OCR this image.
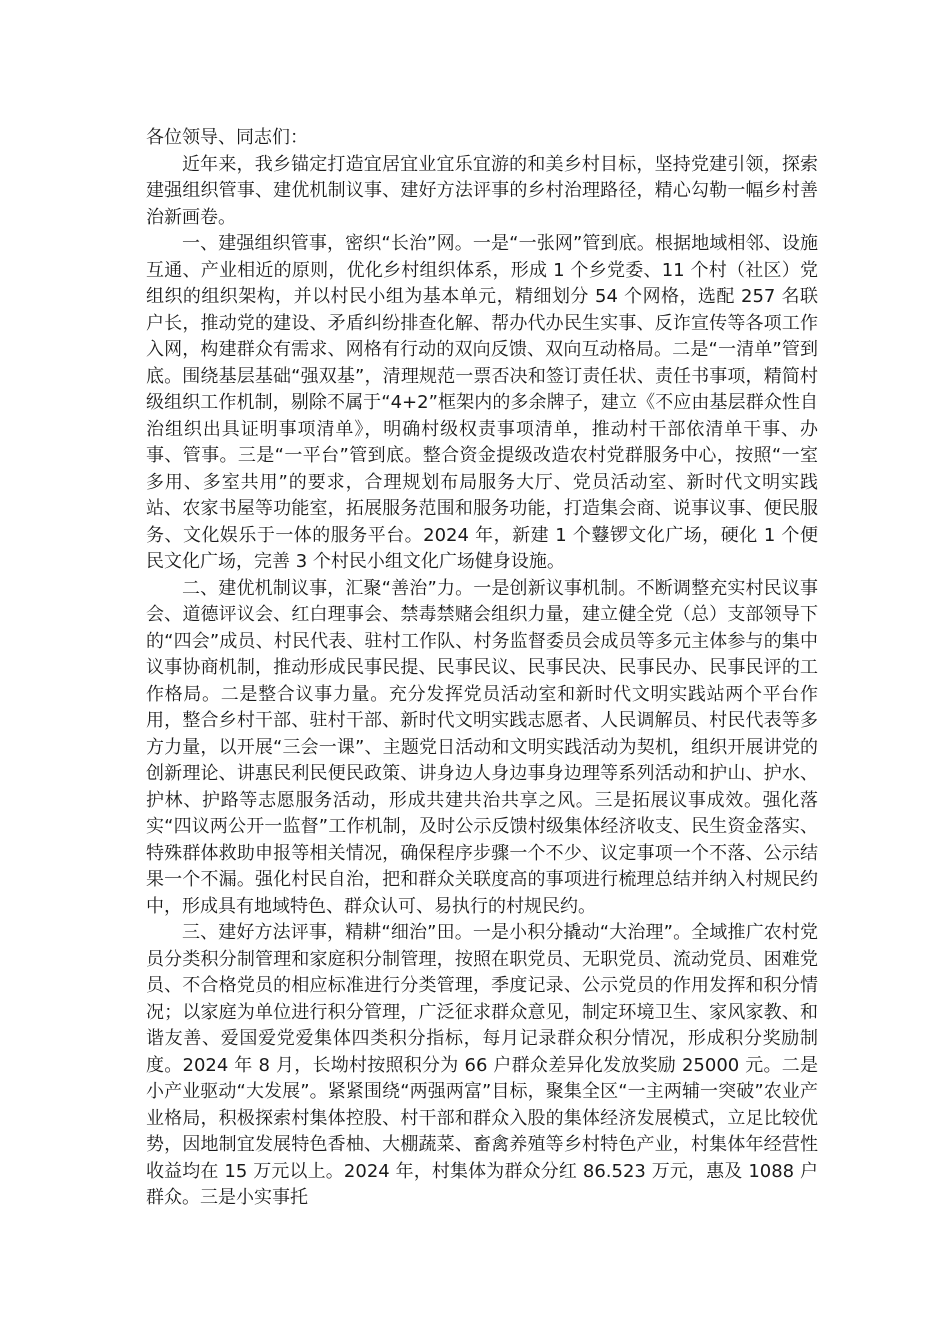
各位领导、同志们：

近年来，我乡锚定打造宜居宜业宜乐宜游的和美乡村目标，坚持党建引领，探索建强组织管事、建优机制议事、建好方法评事的乡村治理路径，精心勾勒一幅乡村善治新画卷。

一、建强组织管事，密织“长治”网。一是“一张网”管到底。根据地域相邻、设施互通、产业相近的原则，优化乡村组织体系，形成 1 个乡党委、11 个村（社区）党组织的组织架构，并以村民小组为基本单元，精细划分 54 个网格，选配 257 名联户长，推动党的建设、矛盾纠纷排查化解、帮办代办民生实事、反诈宣传等各项工作入网，构建群众有需求、网格有行动的双向反馈、双向互动格局。二是“一清单”管到底。围绕基层基础“强双基”，清理规范一票否决和签订责任状、责任书事项，精简村级组织工作机制，剔除不属于“4+2”框架内的多余牌子，建立《不应由基层群众性自治组织出具证明事项清单》，明确村级权责事项清单，推动村干部依清单干事、办事、管事。三是“一平台”管到底。整合资金提级改造农村党群服务中心，按照“一室多用、多室共用”的要求，合理规划布局服务大厅、党员活动室、新时代文明实践站、农家书屋等功能室，拓展服务范围和服务功能，打造集会商、说事议事、便民服务、文化娱乐于一体的服务平台。2024 年，新建 1 个鼟锣文化广场，硬化 1 个便民文化广场，完善 3 个村民小组文化广场健身设施。

二、建优机制议事，汇聚“善治”力。一是创新议事机制。不断调整充实村民议事会、道德评议会、红白理事会、禁毒禁赌会组织力量，建立健全党（总）支部领导下的“四会”成员、村民代表、驻村工作队、村务监督委员会成员等多元主体参与的集中议事协商机制，推动形成民事民提、民事民议、民事民决、民事民办、民事民评的工作格局。二是整合议事力量。充分发挥党员活动室和新时代文明实践站两个平台作用，整合乡村干部、驻村干部、新时代文明实践志愿者、人民调解员、村民代表等多方力量，以开展“三会一课”、主题党日活动和文明实践活动为契机，组织开展讲党的创新理论、讲惠民利民便民政策、讲身边人身边事身边理等系列活动和护山、护水、护林、护路等志愿服务活动，形成共建共治共享之风。三是拓展议事成效。强化落实“四议两公开一监督”工作机制，及时公示反馈村级集体经济收支、民生资金落实、特殊群体救助申报等相关情况，确保程序步骤一个不少、议定事项一个不落、公示结果一个不漏。强化村民自治，把和群众关联度高的事项进行梳理总结并纳入村规民约中，形成具有地域特色、群众认可、易执行的村规民约。

三、建好方法评事，精耕“细治”田。一是小积分撬动“大治理”。全域推广农村党员分类积分制管理和家庭积分制管理，按照在职党员、无职党员、流动党员、困难党员、不合格党员的相应标准进行分类管理，季度记录、公示党员的作用发挥和积分情况；以家庭为单位进行积分管理，广泛征求群众意见，制定环境卫生、家风家教、和谐友善、爱国爱党爱集体四类积分指标，每月记录群众积分情况，形成积分奖励制度。2024 年 8 月，长坳村按照积分为 66 户群众差异化发放奖励 25000 元。二是小产业驱动“大发展”。紧紧围绕“两强两富”目标，聚集全区“一主两辅一突破”农业产业格局，积极探索村集体控股、村干部和群众入股的集体经济发展模式，立足比较优势，因地制宜发展特色香柚、大棚蔬菜、畜禽养殖等乡村特色产业，村集体年经营性收益均在 15 万元以上。2024 年，村集体为群众分红 86.523 万元，惠及 1088 户群众。三是小实事托
